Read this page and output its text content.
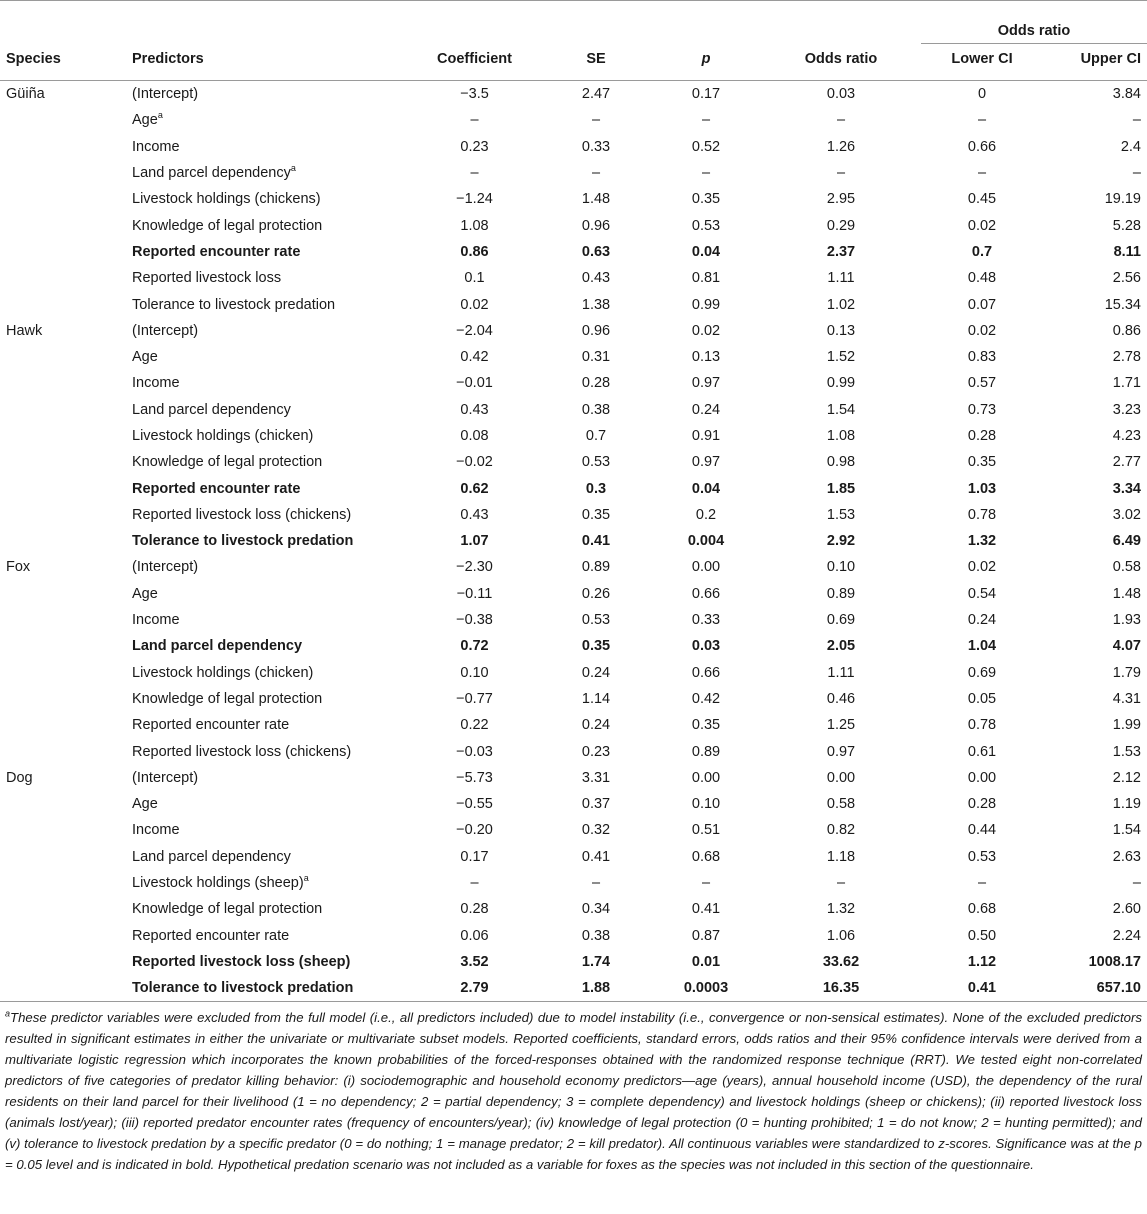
						Odds ratio	
Species	Predictors	Coefficient	SE	p	Odds ratio	Lower CI	Upper CI
Güiña	(Intercept)	−3.5	2.47	0.17	0.03	0	3.84
	Age$^a$	–	–	–	–	–	–
	Income	0.23	0.33	0.52	1.26	0.66	2.4
	Land parcel dependency$^a$	–	–	–	–	–	–
	Livestock holdings (chickens)	−1.24	1.48	0.35	2.95	0.45	19.19
	Knowledge of legal protection	1.08	0.96	0.53	0.29	0.02	5.28
	Reported encounter rate	0.86	0.63	0.04	2.37	0.7	8.11
	Reported livestock loss	0.1	0.43	0.81	1.11	0.48	2.56
	Tolerance to livestock predation	0.02	1.38	0.99	1.02	0.07	15.34
Hawk	(Intercept)	−2.04	0.96	0.02	0.13	0.02	0.86
	Age	0.42	0.31	0.13	1.52	0.83	2.78
	Income	−0.01	0.28	0.97	0.99	0.57	1.71
	Land parcel dependency	0.43	0.38	0.24	1.54	0.73	3.23
	Livestock holdings (chicken)	0.08	0.7	0.91	1.08	0.28	4.23
	Knowledge of legal protection	−0.02	0.53	0.97	0.98	0.35	2.77
	Reported encounter rate	0.62	0.3	0.04	1.85	1.03	3.34
	Reported livestock loss (chickens)	0.43	0.35	0.2	1.53	0.78	3.02
	Tolerance to livestock predation	1.07	0.41	0.004	2.92	1.32	6.49
Fox	(Intercept)	−2.30	0.89	0.00	0.10	0.02	0.58
	Age	−0.11	0.26	0.66	0.89	0.54	1.48
	Income	−0.38	0.53	0.33	0.69	0.24	1.93
	Land parcel dependency	0.72	0.35	0.03	2.05	1.04	4.07
	Livestock holdings (chicken)	0.10	0.24	0.66	1.11	0.69	1.79
	Knowledge of legal protection	−0.77	1.14	0.42	0.46	0.05	4.31
	Reported encounter rate	0.22	0.24	0.35	1.25	0.78	1.99
	Reported livestock loss (chickens)	−0.03	0.23	0.89	0.97	0.61	1.53
Dog	(Intercept)	−5.73	3.31	0.00	0.00	0.00	2.12
	Age	−0.55	0.37	0.10	0.58	0.28	1.19
	Income	−0.20	0.32	0.51	0.82	0.44	1.54
	Land parcel dependency	0.17	0.41	0.68	1.18	0.53	2.63
	Livestock holdings (sheep)$^a$	–	–	–	–	–	–
	Knowledge of legal protection	0.28	0.34	0.41	1.32	0.68	2.60
	Reported encounter rate	0.06	0.38	0.87	1.06	0.50	2.24
	Reported livestock loss (sheep)	3.52	1.74	0.01	33.62	1.12	1008.17
	Tolerance to livestock predation	2.79	1.88	0.0003	16.35	0.41	657.10

$^a$These predictor variables were excluded from the full model (i.e., all predictors included) due to model instability (i.e., convergence or non-sensical estimates). None of the excluded predictors resulted in significant estimates in either the univariate or multivariate subset models. Reported coefficients, standard errors, odds ratios and their 95% confidence intervals were derived from a multivariate logistic regression which incorporates the known probabilities of the forced-responses obtained with the randomized response technique (RRT). We tested eight non-correlated predictors of five categories of predator killing behavior: (i) sociodemographic and household economy predictors—age (years), annual household income (USD), the dependency of the rural residents on their land parcel for their livelihood (1 = no dependency; 2 = partial dependency; 3 = complete dependency) and livestock holdings (sheep or chickens); (ii) reported livestock loss (animals lost/year); (iii) reported predator encounter rates (frequency of encounters/year); (iv) knowledge of legal protection (0 = hunting prohibited; 1 = do not know; 2 = hunting permitted); and (v) tolerance to livestock predation by a specific predator (0 = do nothing; 1 = manage predator; 2 = kill predator). All continuous variables were standardized to z-scores. Significance was at the p = 0.05 level and is indicated in bold. Hypothetical predation scenario was not included as a variable for foxes as the species was not included in this section of the questionnaire.
